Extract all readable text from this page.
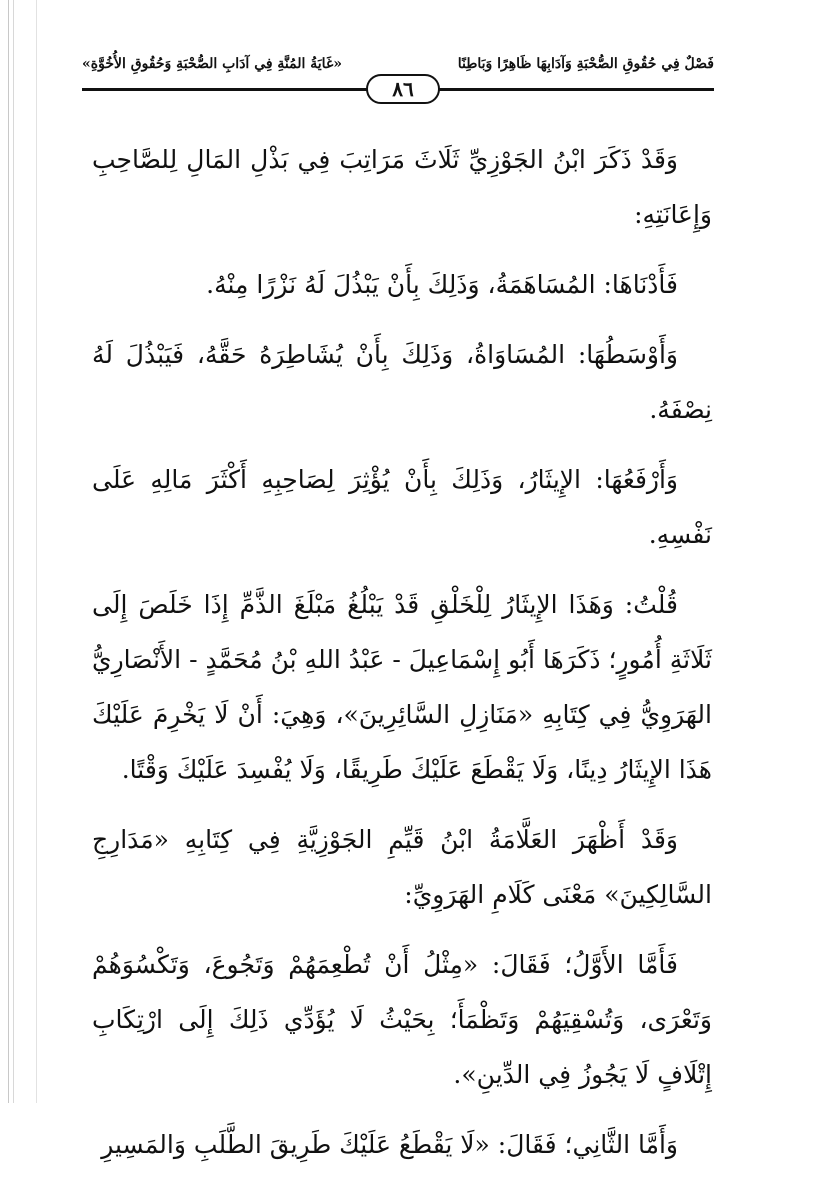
«غَايَةُ المُنَّةِ فِي آدَابِ الصُّحْبَةِ وَحُقُوقِ الأُخُوَّةِ»	فَصْلٌ فِي حُقُوقِ الصُّحْبَةِ وَآدَابِهَا ظَاهِرًا وَبَاطِنًا
٨٦

وَقَدْ ذَكَرَ ابْنُ الجَوْزِيِّ ثَلَاثَ مَرَاتِبَ فِي بَذْلِ المَالِ لِلصَّاحِبِ وَإِعَانَتِهِ:

فَأَدْنَاهَا: المُسَاهَمَةُ، وَذَلِكَ بِأَنْ يَبْذُلَ لَهُ نَزْرًا مِنْهُ.

وَأَوْسَطُهَا: المُسَاوَاةُ، وَذَلِكَ بِأَنْ يُشَاطِرَهُ حَقَّهُ، فَيَبْذُلَ لَهُ نِصْفَهُ.

وَأَرْفَعُهَا: الإِيثَارُ، وَذَلِكَ بِأَنْ يُؤْثِرَ لِصَاحِبِهِ أَكْثَرَ مَالِهِ عَلَى نَفْسِهِ.

قُلْتُ: وَهَذَا الإِيثَارُ لِلْخَلْقِ قَدْ يَبْلُغُ مَبْلَغَ الذَّمِّ إِذَا خَلَصَ إِلَى ثَلَاثَةِ أُمُورٍ؛ ذَكَرَهَا أَبُو إِسْمَاعِيلَ - عَبْدُ اللهِ بْنُ مُحَمَّدٍ - الأَنْصَارِيُّ الهَرَوِيُّ فِي كِتَابِهِ «مَنَازِلِ السَّائِرِينَ»، وَهِيَ: أَنْ لَا يَخْرِمَ عَلَيْكَ هَذَا الإِيثَارُ دِينًا، وَلَا يَقْطَعَ عَلَيْكَ طَرِيقًا، وَلَا يُفْسِدَ عَلَيْكَ وَقْتًا.

وَقَدْ أَظْهَرَ العَلَّامَةُ ابْنُ قَيِّمِ الجَوْزِيَّةِ فِي كِتَابِهِ «مَدَارِجِ السَّالِكِينَ» مَعْنَى كَلَامِ الهَرَوِيِّ:

فَأَمَّا الأَوَّلُ؛ فَقَالَ: «مِثْلُ أَنْ تُطْعِمَهُمْ وَتَجُوعَ، وَتَكْسُوَهُمْ وَتَعْرَى، وَتُسْقِيَهُمْ وَتَظْمَأَ؛ بِحَيْثُ لَا يُؤَدِّي ذَلِكَ إِلَى ارْتِكَابِ إِتْلَافٍ لَا يَجُوزُ فِي الدِّينِ».

وَأَمَّا الثَّانِي؛ فَقَالَ: «لَا يَقْطَعُ عَلَيْكَ طَرِيقَ الطَّلَبِ وَالمَسِيرِ
